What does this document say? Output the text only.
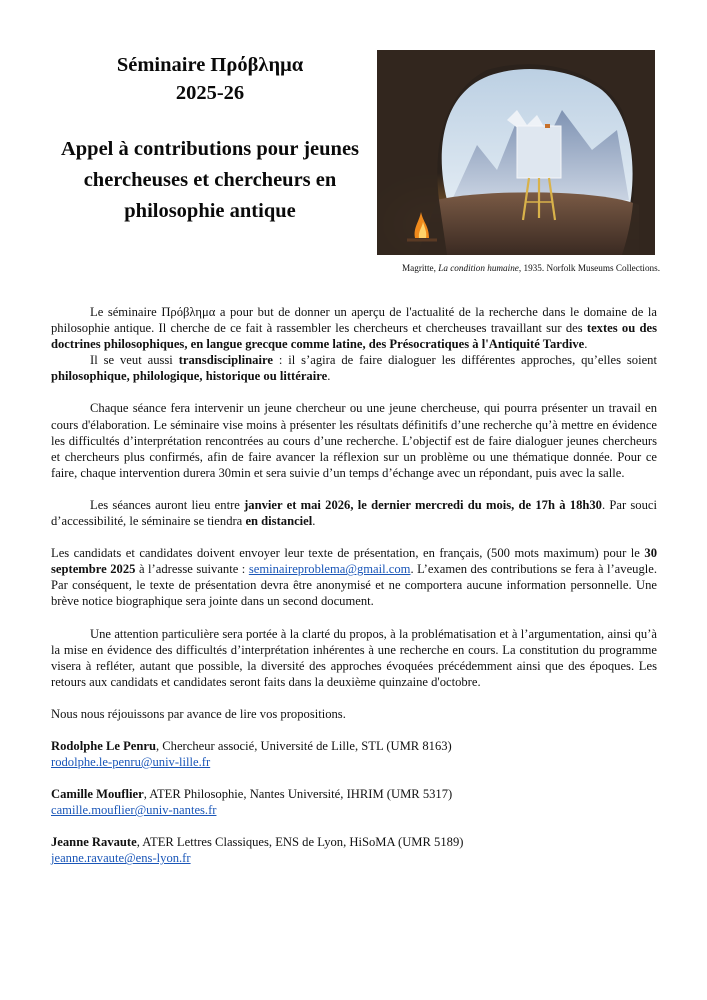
Séminaire Πρόβλημα
2025-26
Appel à contributions pour jeunes chercheuses et chercheurs en philosophie antique
Magritte, La condition humaine, 1935. Norfolk Museums Collections.

Le séminaire Πρόβλημα a pour but de donner un aperçu de l'actualité de la recherche dans le domaine de la philosophie antique. Il cherche de ce fait à rassembler les chercheurs et chercheuses travaillant sur des textes ou des doctrines philosophiques, en langue grecque comme latine, des Présocratiques à l'Antiquité Tardive.

Il se veut aussi transdisciplinaire : il s’agira de faire dialoguer les différentes approches, qu’elles soient philosophique, philologique, historique ou littéraire.

Chaque séance fera intervenir un jeune chercheur ou une jeune chercheuse, qui pourra présenter un travail en cours d'élaboration. Le séminaire vise moins à présenter les résultats définitifs d’une recherche qu’à mettre en évidence les difficultés d’interprétation rencontrées au cours d’une recherche. L’objectif est de faire dialoguer jeunes chercheurs et chercheurs plus confirmés, afin de faire avancer la réflexion sur un problème ou une thématique donnée. Pour ce faire, chaque intervention durera 30min et sera suivie d’un temps d’échange avec un répondant, puis avec la salle.

Les séances auront lieu entre janvier et mai 2026, le dernier mercredi du mois, de 17h à 18h30. Par souci d’accessibilité, le séminaire se tiendra en distanciel.

Les candidats et candidates doivent envoyer leur texte de présentation, en français, (500 mots maximum) pour le 30 septembre 2025 à l’adresse suivante : seminaireproblema@gmail.com. L’examen des contributions se fera à l’aveugle. Par conséquent, le texte de présentation devra être anonymisé et ne comportera aucune information personnelle. Une brève notice biographique sera jointe dans un second document.

Une attention particulière sera portée à la clarté du propos, à la problématisation et à l’argumentation, ainsi qu’à la mise en évidence des difficultés d’interprétation inhérentes à une recherche en cours. La constitution du programme visera à refléter, autant que possible, la diversité des approches évoquées précédemment ainsi que des époques. Les retours aux candidats et candidates seront faits dans la deuxième quinzaine d'octobre.

Nous nous réjouissons par avance de lire vos propositions.

Rodolphe Le Penru, Chercheur associé, Université de Lille, STL (UMR 8163)

rodolphe.le-penru@univ-lille.fr

Camille Mouflier, ATER Philosophie, Nantes Université, IHRIM (UMR 5317)

camille.mouflier@univ-nantes.fr

Jeanne Ravaute, ATER Lettres Classiques, ENS de Lyon, HiSoMA (UMR 5189)

jeanne.ravaute@ens-lyon.fr
